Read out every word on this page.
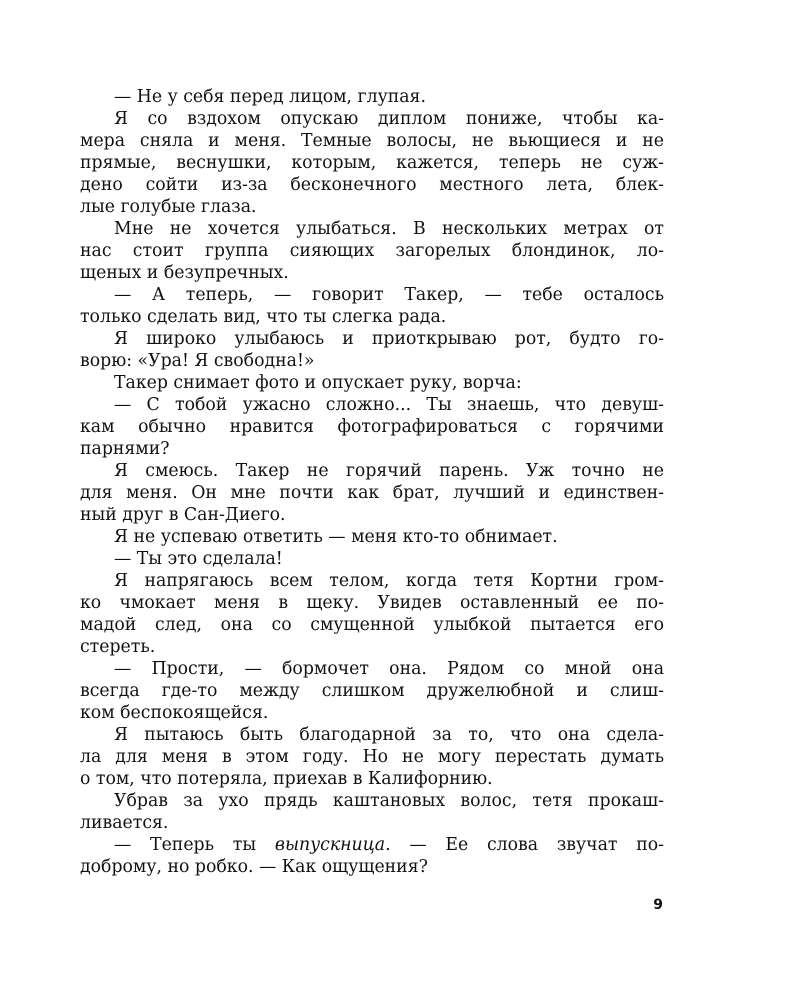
— Не у себя перед лицом, глупая.
Я со вздохом опускаю диплом пониже, чтобы ка-
мера сняла и меня. Темные волосы, не вьющиеся и не
прямые, веснушки, которым, кажется, теперь не суж-
дено сойти из-за бесконечного местного лета, блек-
лые голубые глаза.
Мне не хочется улыбаться. В нескольких метрах от
нас стоит группа сияющих загорелых блондинок, ло-
щеных и безупречных.
— А теперь, — говорит Такер, — тебе осталось
только сделать вид, что ты слегка рада.
Я широко улыбаюсь и приоткрываю рот, будто го-
ворю: «Ура! Я свободна!»
Такер снимает фото и опускает руку, ворча:
— С тобой ужасно сложно... Ты знаешь, что девуш-
кам обычно нравится фотографироваться с горячими
парнями?
Я смеюсь. Такер не горячий парень. Уж точно не
для меня. Он мне почти как брат, лучший и единствен-
ный друг в Сан-Диего.
Я не успеваю ответить — меня кто-то обнимает.
— Ты это сделала!
Я напрягаюсь всем телом, когда тетя Кортни гром-
ко чмокает меня в щеку. Увидев оставленный ее по-
мадой след, она со смущенной улыбкой пытается его
стереть.
— Прости, — бормочет она. Рядом со мной она
всегда где-то между слишком дружелюбной и слиш-
ком беспокоящейся.
Я пытаюсь быть благодарной за то, что она сдела-
ла для меня в этом году. Но не могу перестать думать
о том, что потеряла, приехав в Калифорнию.
Убрав за ухо прядь каштановых волос, тетя прокаш-
ливается.
— Теперь ты выпускница. — Ее слова звучат по-
доброму, но робко. — Как ощущения?
9
